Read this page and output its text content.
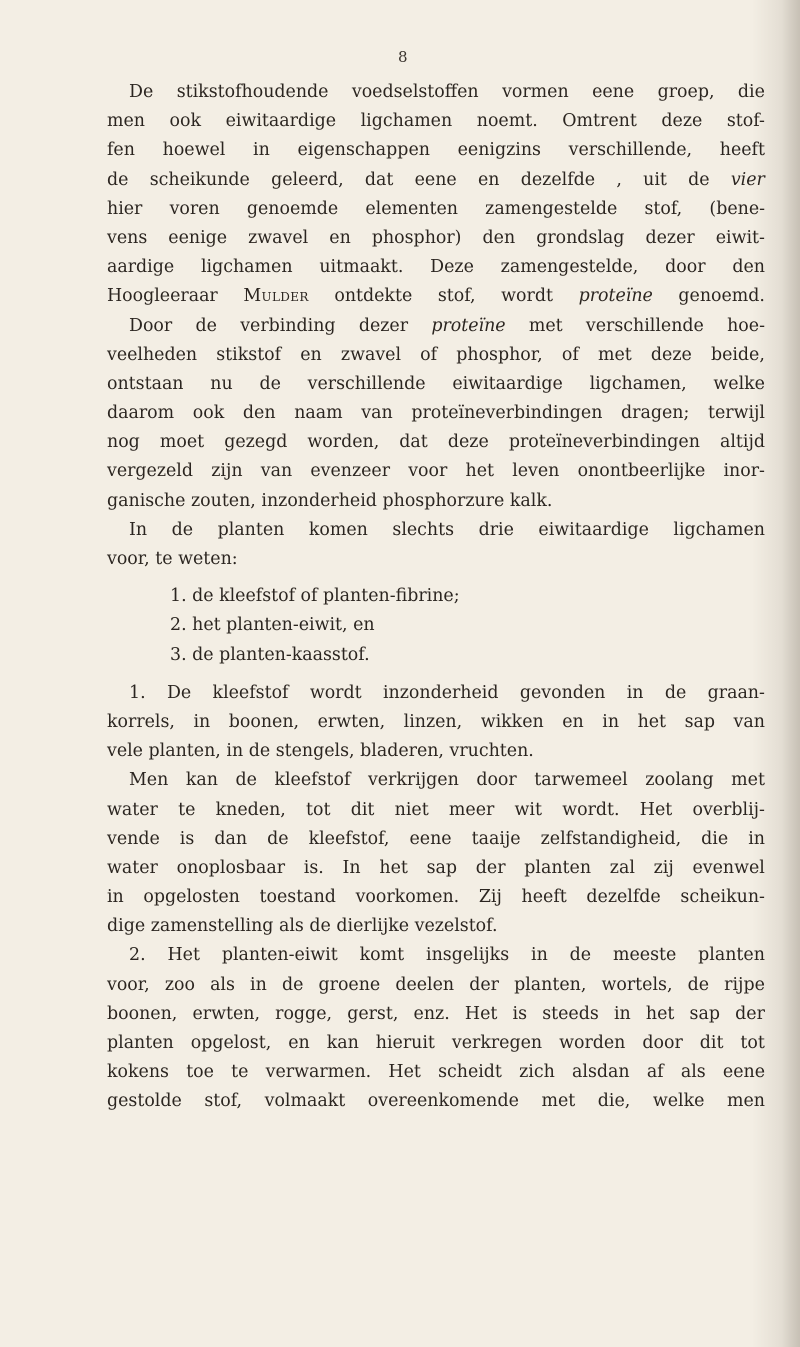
8
De stikstofhoudende voedselstoffen vormen eene groep, die
men ook eiwitaardige ligchamen noemt. Omtrent deze stof-
fen hoewel in eigenschappen eenigzins verschillende, heeft
de scheikunde geleerd, dat eene en dezelfde , uit de vier
hier voren genoemde elementen zamengestelde stof, (bene-
vens eenige zwavel en phosphor) den grondslag dezer eiwit-
aardige ligchamen uitmaakt. Deze zamengestelde, door den
Hoogleeraar Mulder ontdekte stof, wordt proteïne genoemd.
Door de verbinding dezer proteïne met verschillende hoe-
veelheden stikstof en zwavel of phosphor, of met deze beide,
ontstaan nu de verschillende eiwitaardige ligchamen, welke
daarom ook den naam van proteïneverbindingen dragen; terwijl
nog moet gezegd worden, dat deze proteïneverbindingen altijd
vergezeld zijn van evenzeer voor het leven onontbeerlijke inor-
ganische zouten, inzonderheid phosphorzure kalk.
In de planten komen slechts drie eiwitaardige ligchamen
voor, te weten:
1. de kleefstof of planten-fibrine;
2. het planten-eiwit, en
3. de planten-kaasstof.
1. De kleefstof wordt inzonderheid gevonden in de graan-
korrels, in boonen, erwten, linzen, wikken en in het sap van
vele planten, in de stengels, bladeren, vruchten.
Men kan de kleefstof verkrijgen door tarwemeel zoolang met
water te kneden, tot dit niet meer wit wordt. Het overblij-
vende is dan de kleefstof, eene taaije zelfstandigheid, die in
water onoplosbaar is. In het sap der planten zal zij evenwel
in opgelosten toestand voorkomen. Zij heeft dezelfde scheikun-
dige zamenstelling als de dierlijke vezelstof.
2. Het planten-eiwit komt insgelijks in de meeste planten
voor, zoo als in de groene deelen der planten, wortels, de rijpe
boonen, erwten, rogge, gerst, enz. Het is steeds in het sap der
planten opgelost, en kan hieruit verkregen worden door dit tot
kokens toe te verwarmen. Het scheidt zich alsdan af als eene
gestolde stof, volmaakt overeenkomende met die, welke men
